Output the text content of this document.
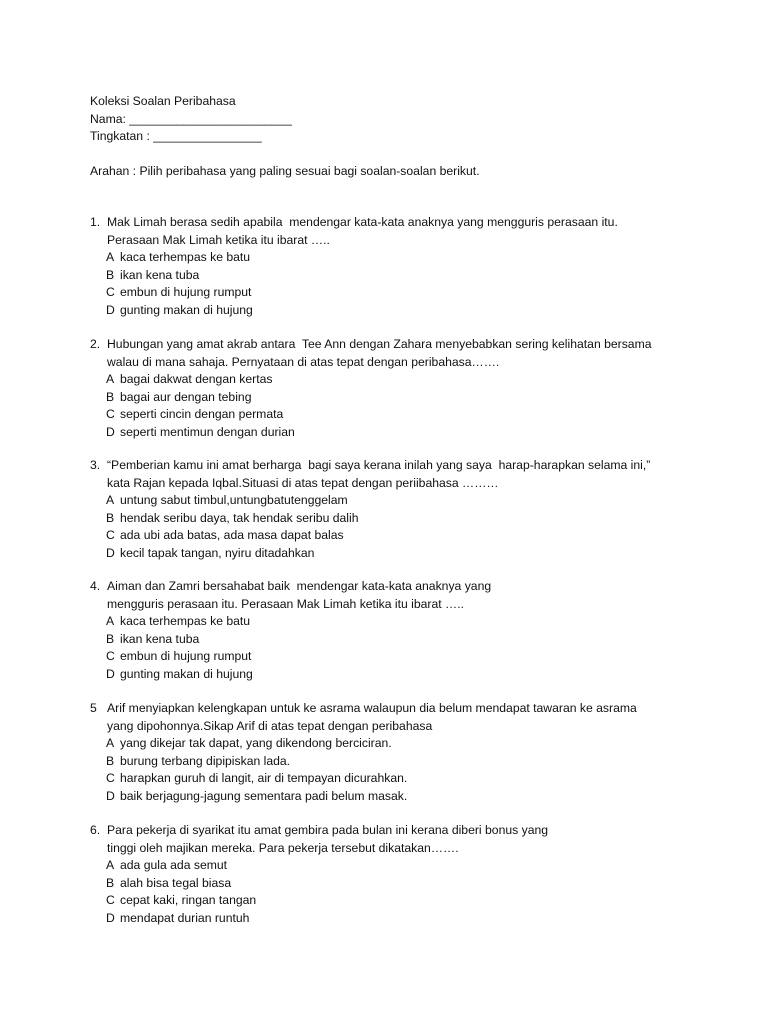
Koleksi Soalan Peribahasa
Nama: ________________________
Tingkatan : ________________
Arahan : Pilih peribahasa yang paling sesuai bagi soalan-soalan berikut.

1.

Mak Limah berasa sedih apabila  mendengar kata-kata anaknya yang mengguris perasaan itu.

Perasaan Mak Limah ketika itu ibarat …..

A

kaca terhempas ke batu

B

ikan kena tuba

C

embun di hujung rumput

D

gunting makan di hujung

2.

Hubungan yang amat akrab antara  Tee Ann dengan Zahara menyebabkan sering kelihatan bersama

walau di mana sahaja. Pernyataan di atas tepat dengan peribahasa…….

A

bagai dakwat dengan kertas

B

bagai aur dengan tebing

C

seperti cincin dengan permata

D

seperti mentimun dengan durian

3.

“Pemberian kamu ini amat berharga  bagi saya kerana inilah yang saya  harap-harapkan selama ini,”

kata Rajan kepada Iqbal.Situasi di atas tepat dengan periibahasa ………

A

untung sabut timbul,untungbatutenggelam

B

hendak seribu daya, tak hendak seribu dalih

C

ada ubi ada batas, ada masa dapat balas

D

kecil tapak tangan, nyiru ditadahkan

4.

Aiman dan Zamri bersahabat baik  mendengar kata-kata anaknya yang

mengguris perasaan itu. Perasaan Mak Limah ketika itu ibarat …..

A

kaca terhempas ke batu

B

ikan kena tuba

C

embun di hujung rumput

D

gunting makan di hujung

5

Arif menyiapkan kelengkapan untuk ke asrama walaupun dia belum mendapat tawaran ke asrama

yang dipohonnya.Sikap Arif di atas tepat dengan peribahasa

A

yang dikejar tak dapat, yang dikendong berciciran.

B

burung terbang dipipiskan lada.

C

harapkan guruh di langit, air di tempayan dicurahkan.

D

baik berjagung-jagung sementara padi belum masak.

6.

Para pekerja di syarikat itu amat gembira pada bulan ini kerana diberi bonus yang

tinggi oleh majikan mereka. Para pekerja tersebut dikatakan…….

A

ada gula ada semut

B

alah bisa tegal biasa

C

cepat kaki, ringan tangan

D

mendapat durian runtuh
